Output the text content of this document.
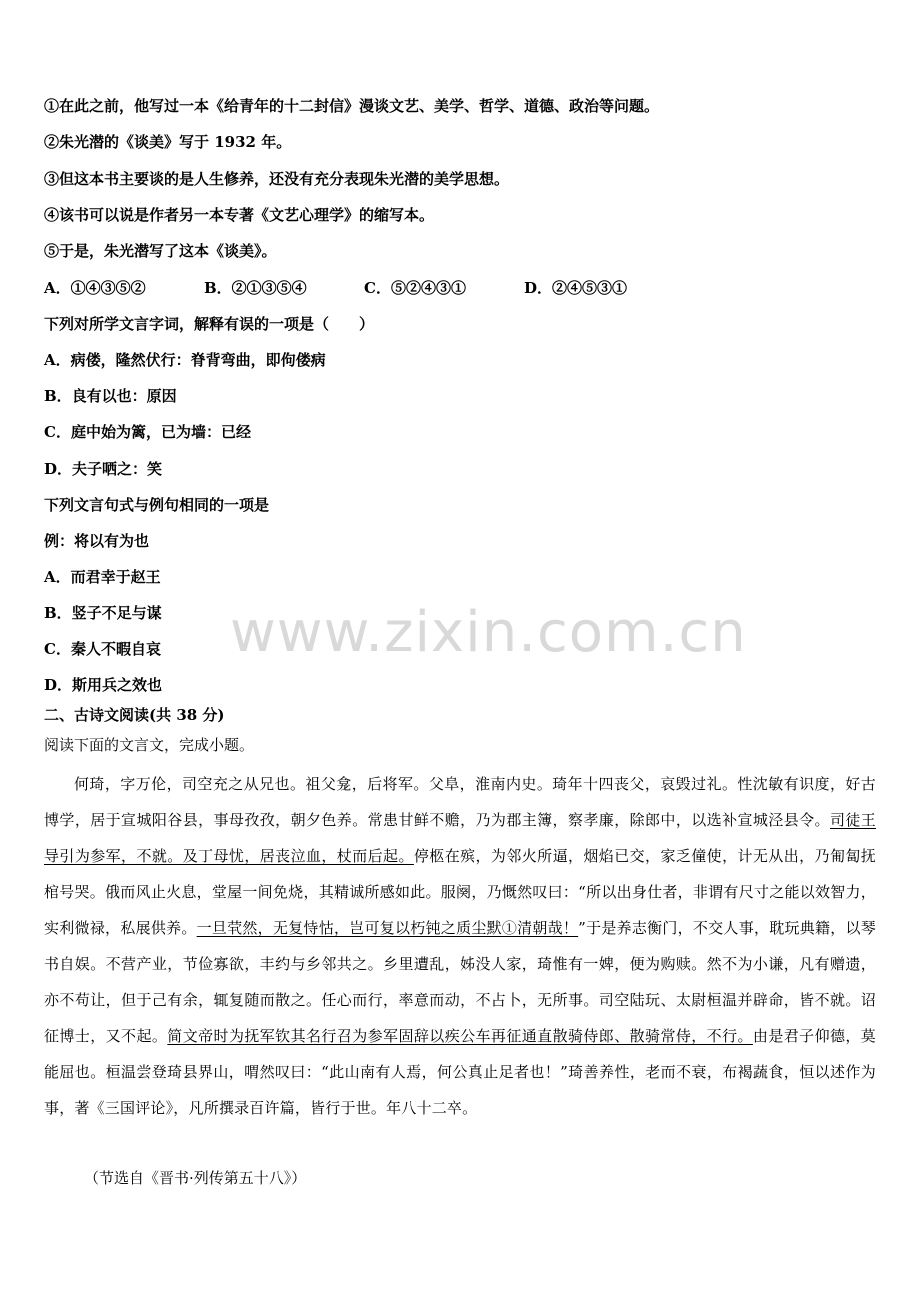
①在此之前，他写过一本《给青年的十二封信》漫谈文艺、美学、哲学、道德、政治等问题。
②朱光潜的《谈美》写于 1932 年。
③但这本书主要谈的是人生修养，还没有充分表现朱光潜的美学思想。
④该书可以说是作者另一本专著《文艺心理学》的缩写本。
⑤于是，朱光潜写了这本《谈美》。
A．①④③⑤②	B．②①③⑤④	C．⑤②④③①	D．②④⑤③①
下列对所学文言字词，解释有误的一项是（　　）
A．病偻，隆然伏行：脊背弯曲，即佝偻病
B．良有以也：原因
C．庭中始为篱，已为墙：已经
D．夫子哂之：笑
下列文言句式与例句相同的一项是
例：将以有为也
A．而君幸于赵王
B．竖子不足与谋
C．秦人不暇自哀
D．斯用兵之效也
二、古诗文阅读(共 38 分)
阅读下面的文言文，完成小题。

何琦，字万伦，司空充之从兄也。祖父龛，后将军。父阜，淮南内史。琦年十四丧父，哀毁过礼。性沈敏有识度，好古博学，居于宣城阳谷县，事母孜孜，朝夕色养。常患甘鲜不赡，乃为郡主簿，察孝廉，除郎中，以选补宣城泾县令。司徒王导引为参军，不就。及丁母忧，居丧泣血，杖而后起。停柩在殡，为邻火所逼，烟焰已交，家乏僮使，计无从出，乃匍匐抚棺号哭。俄而风止火息，堂屋一间免烧，其精诚所感如此。服阕，乃慨然叹曰：“所以出身仕者，非谓有尺寸之能以效智力，实利微禄，私展供养。一旦茕然，无复恃怙，岂可复以朽钝之质尘默①清朝哉！”于是养志衡门，不交人事，耽玩典籍，以琴书自娱。不营产业，节俭寡欲，丰约与乡邻共之。乡里遭乱，姊没人家，琦惟有一婢，便为购赎。然不为小谦，凡有赠遗，亦不苟让，但于己有余，辄复随而散之。任心而行，率意而动，不占卜，无所事。司空陆玩、太尉桓温并辟命，皆不就。诏征博士，又不起。简文帝时为抚军钦其名行召为参军固辞以疾公车再征通直散骑侍郎、散骑常侍，不行。由是君子仰德，莫能屈也。桓温尝登琦县界山，喟然叹曰：“此山南有人焉，何公真止足者也！”琦善养性，老而不衰，布褐蔬食，恒以述作为事，著《三国评论》，凡所撰录百许篇，皆行于世。年八十二卒。

（节选自《晋书·列传第五十八》）
www.zixin.com.cn
